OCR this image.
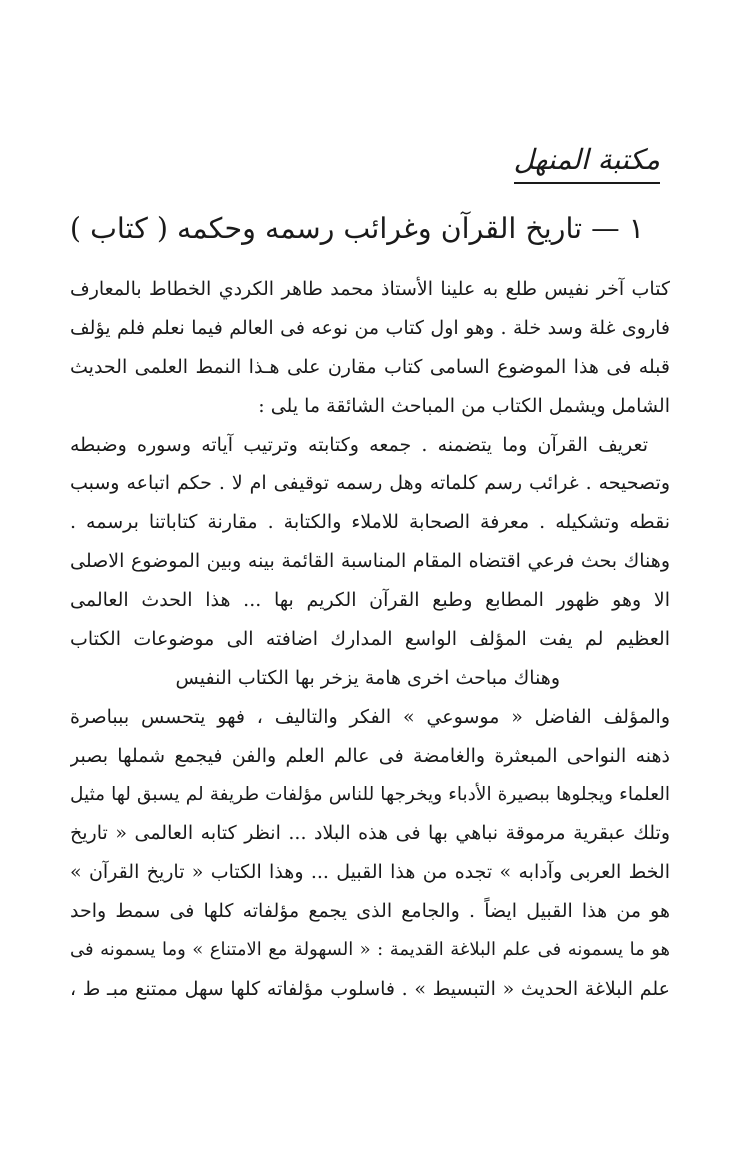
مكتبة المنهل
١ — تاريخ القرآن وغرائب رسمه وحكمه ( كتاب )
كتاب آخر نفيس طلع به علينا الأستاذ محمد طاهر الكردي الخطاط بالمعارف
فاروى غلة وسد خلة . وهو اول كتاب من نوعه فى العالم فيما نعلم فلم يؤلف
قبله فى هذا الموضوع السامى كتاب مقارن على هـذا النمط العلمى الحديث
الشامل ويشمل الكتاب من المباحث الشائقة ما يلى :
تعريف القرآن وما يتضمنه . جمعه وكتابته وترتيب آياته وسوره وضبطه
وتصحيحه . غرائب رسم كلماته وهل رسمه توقيفى ام لا . حكم اتباعه وسبب
نقطه وتشكيله . معرفة الصحابة للاملاء والكتابة . مقارنة كتاباتنا برسمه .
وهناك بحث فرعي اقتضاه المقام المناسبة القائمة بينه وبين الموضوع الاصلى
الا وهو ظهور المطابع وطبع القرآن الكريم بها ... هذا الحدث العالمى
العظيم لم يفت المؤلف الواسع المدارك اضافته الى موضوعات الكتاب
وهناك مباحث اخرى هامة يزخر بها الكتاب النفيس
والمؤلف الفاضل « موسوعي » الفكر والتاليف ، فهو يتحسس ببباصرة
ذهنه النواحى المبعثرة والغامضة فى عالم العلم والفن فيجمع شملها بصبر
العلماء ويجلوها ببصيرة الأدباء ويخرجها للناس مؤلفات طريفة لم يسبق لها مثيل
وتلك عبقرية مرموقة نباهي بها فى هذه البلاد ... انظر كتابه العالمى « تاريخ
الخط العربى وآدابه » تجده من هذا القبيل ... وهذا الكتاب « تاريخ القرآن »
هو من هذا القبيل ايضاً . والجامع الذى يجمع مؤلفاته كلها فى سمط واحد
هو ما يسمونه فى علم البلاغة القديمة : « السهولة مع الامتناع » وما يسمونه فى
علم البلاغة الحديث « التبسيط » . فاسلوب مؤلفاته كلها سهل ممتنع مبـ ط ،
